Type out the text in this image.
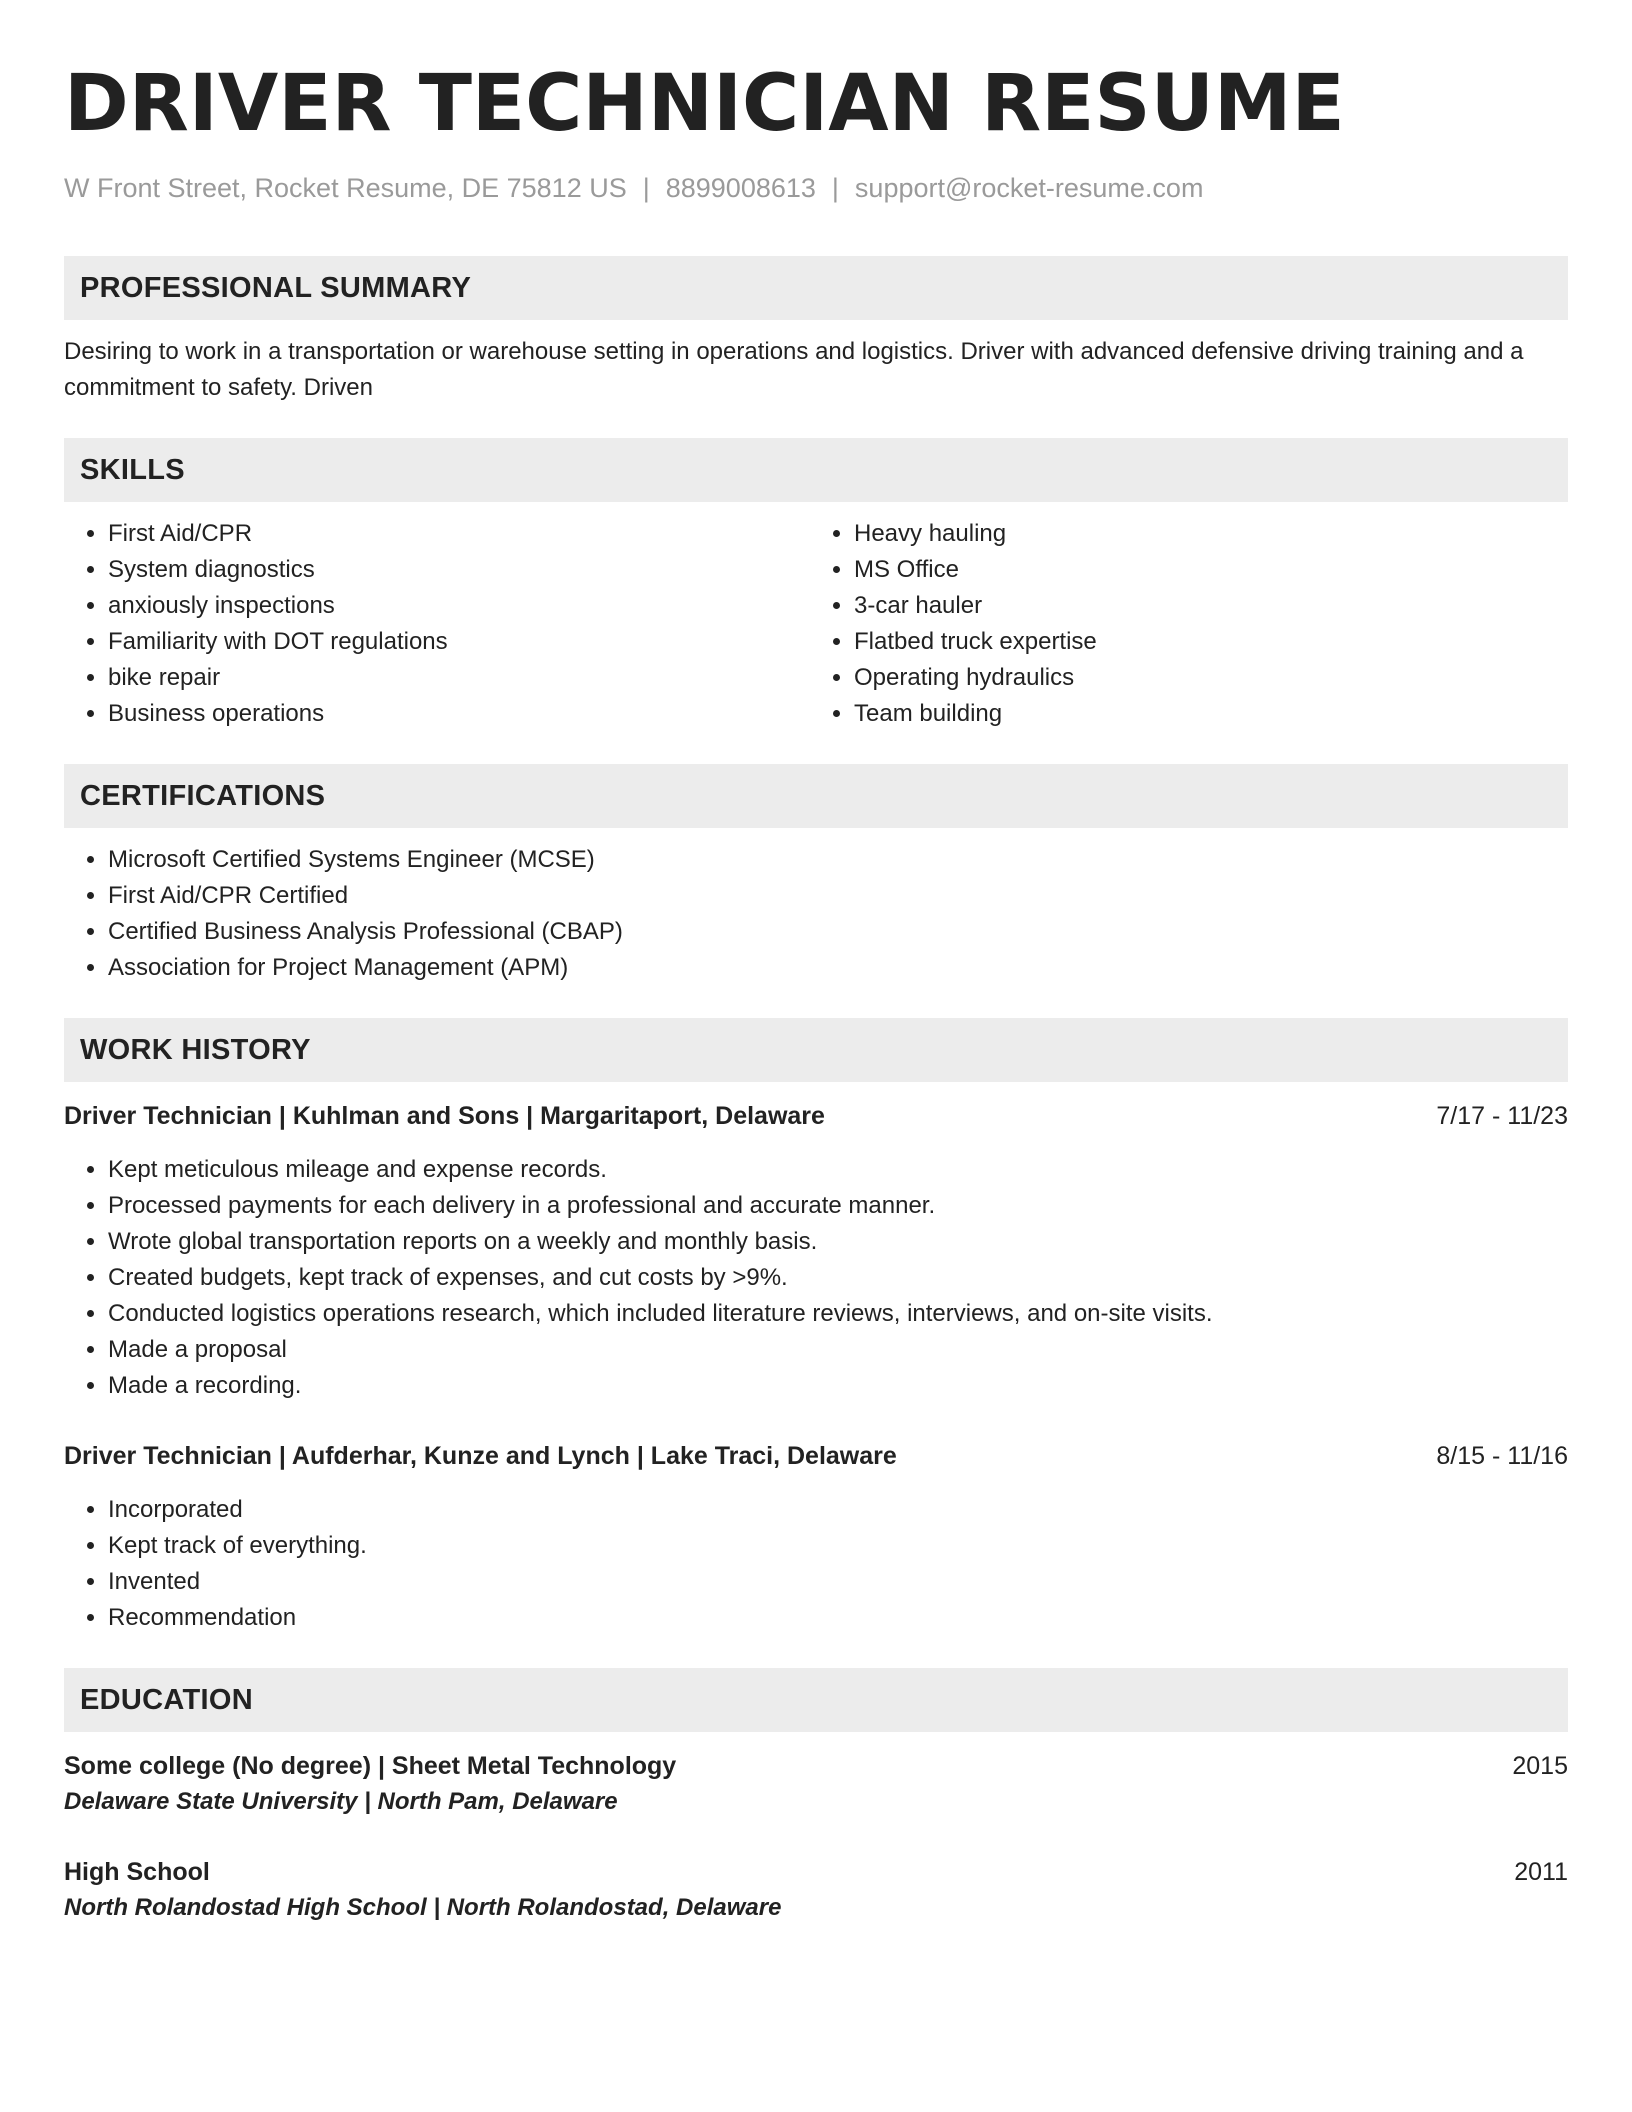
DRIVER TECHNICIAN RESUME
W Front Street, Rocket Resume, DE 75812 US | 8899008613 | support@rocket-resume.com
PROFESSIONAL SUMMARY
Desiring to work in a transportation or warehouse setting in operations and logistics. Driver with advanced defensive driving training and a commitment to safety. Driven
SKILLS
• First Aid/CPR
• System diagnostics
• anxiously inspections
• Familiarity with DOT regulations
• bike repair
• Business operations
• Heavy hauling
• MS Office
• 3-car hauler
• Flatbed truck expertise
• Operating hydraulics
• Team building
CERTIFICATIONS
• Microsoft Certified Systems Engineer (MCSE)
• First Aid/CPR Certified
• Certified Business Analysis Professional (CBAP)
• Association for Project Management (APM)
WORK HISTORY
Driver Technician | Kuhlman and Sons | Margaritaport, Delaware	7/17 - 11/23
• Kept meticulous mileage and expense records.
• Processed payments for each delivery in a professional and accurate manner.
• Wrote global transportation reports on a weekly and monthly basis.
• Created budgets, kept track of expenses, and cut costs by >9%.
• Conducted logistics operations research, which included literature reviews, interviews, and on-site visits.
• Made a proposal
• Made a recording.
Driver Technician | Aufderhar, Kunze and Lynch | Lake Traci, Delaware	8/15 - 11/16
• Incorporated
• Kept track of everything.
• Invented
• Recommendation
EDUCATION
Some college (No degree) | Sheet Metal Technology	2015
Delaware State University | North Pam, Delaware
High School	2011
North Rolandostad High School | North Rolandostad, Delaware
